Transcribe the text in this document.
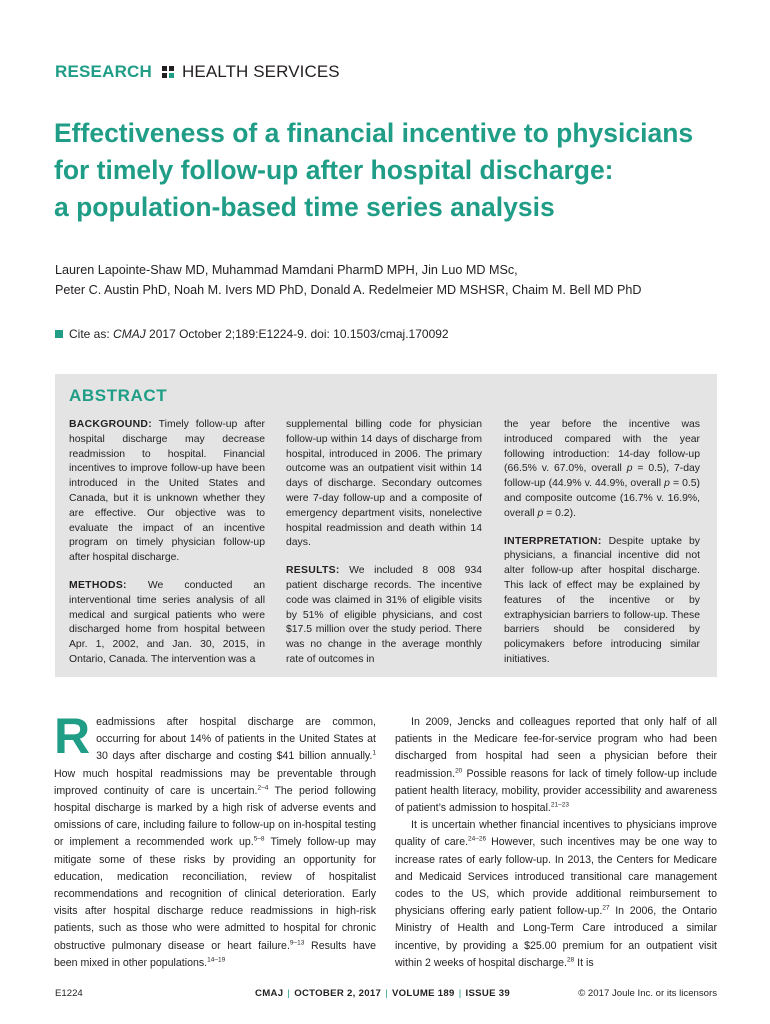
RESEARCH HEALTH SERVICES
Effectiveness of a financial incentive to physicians
for timely follow-up after hospital discharge:
a population-based time series analysis
Lauren Lapointe-Shaw MD, Muhammad Mamdani PharmD MPH, Jin Luo MD MSc,
Peter C. Austin PhD, Noah M. Ivers MD PhD, Donald A. Redelmeier MD MSHSR, Chaim M. Bell MD PhD
Cite as:
CMAJ
2017 October 2;189:E1224-9. doi: 10.1503/cmaj.170092
ABSTRACT

BACKGROUND: Timely follow-up after hospital discharge may decrease readmission to hospital. Financial incentives to improve follow-up have been introduced in the United States and Canada, but it is unknown whether they are effective. Our objective was to evaluate the impact of an incentive program on timely physician follow-up after hospital discharge.

METHODS: We conducted an interventional time series analysis of all medical and surgical patients who were discharged home from hospital between Apr. 1, 2002, and Jan. 30, 2015, in Ontario, Canada. The intervention was a

supplemental billing code for physician follow-up within 14 days of discharge from hospital, introduced in 2006. The primary outcome was an outpatient visit within 14 days of discharge. Secondary outcomes were 7-day follow-up and a composite of emergency department visits, nonelective hospital readmission and death within 14 days.

RESULTS: We included 8 008 934 patient discharge records. The incentive code was claimed in 31% of eligible visits by 51% of eligible physicians, and cost $17.5 million over the study period. There was no change in the average monthly rate of outcomes in

the year before the incentive was introduced compared with the year following introduction: 14-day follow-up (66.5% v. 67.0%, overall p = 0.5), 7-day follow-up (44.9% v. 44.9%, overall p = 0.5) and composite outcome (16.7% v. 16.9%, overall p = 0.2).

INTERPRETATION: Despite uptake by physicians, a financial incentive did not alter follow-up after hospital discharge. This lack of effect may be explained by features of the incentive or by extraphysician barriers to follow-up. These barriers should be considered by policymakers before introducing similar initiatives.

Readmissions after hospital discharge are common, occurring for about 14% of patients in the United States at 30 days after discharge and costing $41 billion annually.$^1$ How much hospital readmissions may be preventable through improved continuity of care is uncertain.$^{2-4}$ The period following hospital discharge is marked by a high risk of adverse events and omissions of care, including failure to follow-up on in-hospital testing or implement a recommended work up.$^{5-8}$ Timely follow-up may mitigate some of these risks by providing an opportunity for education, medication reconciliation, review of hospitalist recommendations and recognition of clinical deterioration. Early visits after hospital discharge reduce readmissions in high-risk patients, such as those who were admitted to hospital for chronic obstructive pulmonary disease or heart failure.$^{9-13}$ Results have been mixed in other populations.$^{14-19}$

In 2009, Jencks and colleagues reported that only half of all patients in the Medicare fee-for-service program who had been discharged from hospital had seen a physician before their readmission.$^{20}$ Possible reasons for lack of timely follow-up include patient health literacy, mobility, provider accessibility and awareness of patient’s admission to hospital.$^{21-23}$

It is uncertain whether financial incentives to physicians improve quality of care.$^{24-26}$ However, such incentives may be one way to increase rates of early follow-up. In 2013, the Centers for Medicare and Medicaid Services introduced transitional care management codes to the US, which provide additional reimbursement to physicians offering early patient follow-up.$^{27}$ In 2006, the Ontario Ministry of Health and Long-Term Care introduced a similar incentive, by providing a $25.00 premium for an outpatient visit within 2 weeks of hospital discharge.$^{28}$ It is

E1224	CMAJ | OCTOBER 2, 2017 | VOLUME 189 | ISSUE 39	© 2017 Joule Inc. or its licensors
